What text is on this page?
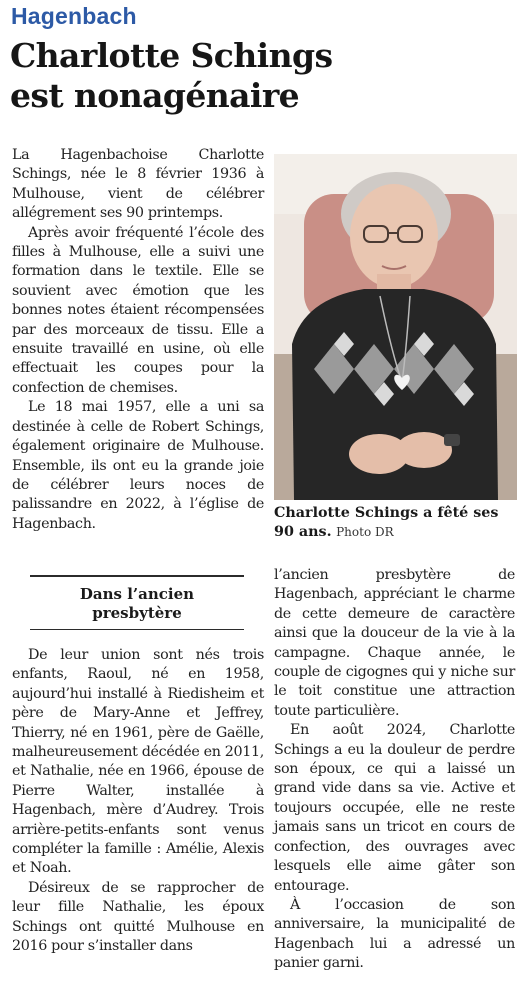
Hagenbach
Charlotte Schings
est nonagénaire

La Hagenbachoise Charlotte Schings, née le 8 février 1936 à Mulhouse, vient de célébrer allégrement ses 90 printemps.

Après avoir fréquenté l’école des filles à Mulhouse, elle a suivi une formation dans le textile. Elle se souvient avec émotion que les bonnes notes étaient récompensées par des morceaux de tissu. Elle a ensuite travaillé en usine, où elle effectuait les coupes pour la confection de chemises.

Le 18 mai 1957, elle a uni sa destinée à celle de Robert Schings, également originaire de Mulhouse. Ensemble, ils ont eu la grande joie de célébrer leurs noces de palissandre en 2022, à l’église de Hagenbach.

Charlotte Schings a fêté ses 90 ans. Photo DR
Dans l’ancien
presbytère

De leur union sont nés trois enfants, Raoul, né en 1958, aujourd’hui installé à Riedisheim et père de Mary-Anne et Jeffrey, Thierry, né en 1961, père de Gaëlle, malheureusement décédée en 2011, et Nathalie, née en 1966, épouse de Pierre Walter, installée à Hagenbach, mère d’Audrey. Trois arrière-petits-enfants sont venus compléter la famille : Amélie, Alexis et Noah.

Désireux de se rapprocher de leur fille Nathalie, les époux Schings ont quitté Mulhouse en 2016 pour s’installer dans

l’ancien presbytère de Hagenbach, appréciant le charme de cette demeure de caractère ainsi que la douceur de la vie à la campagne. Chaque année, le couple de cigognes qui y niche sur le toit constitue une attraction toute particulière.

En août 2024, Charlotte Schings a eu la douleur de perdre son époux, ce qui a laissé un grand vide dans sa vie. Active et toujours occupée, elle ne reste jamais sans un tricot en cours de confection, des ouvrages avec lesquels elle aime gâter son entourage.

À l’occasion de son anniversaire, la municipalité de Hagenbach lui a adressé un panier garni.
